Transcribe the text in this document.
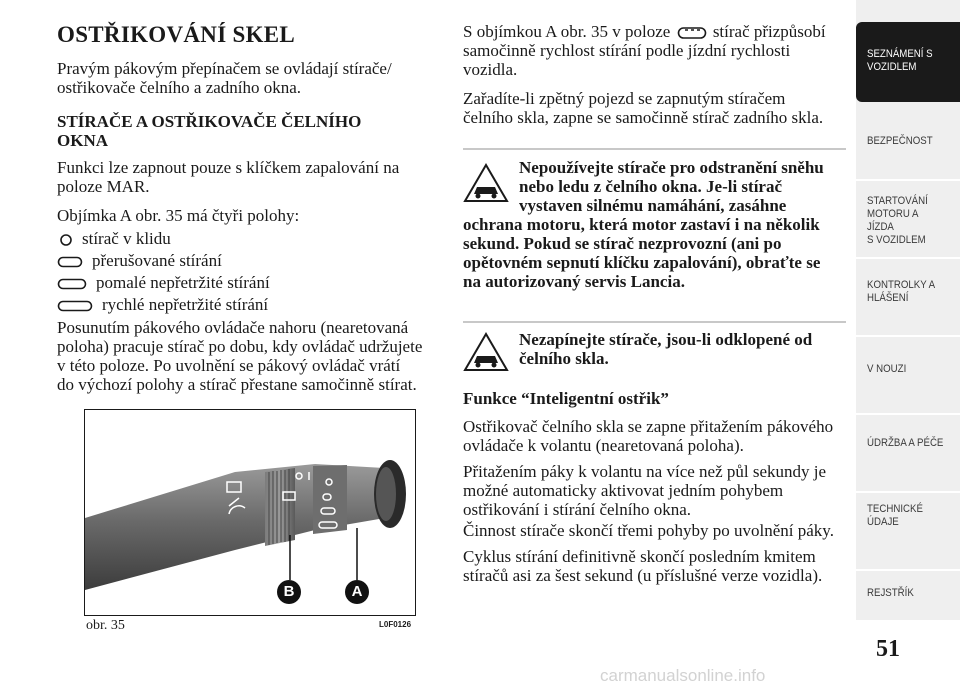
OSTŘIKOVÁNÍ SKEL
Pravým pákovým přepínačem se ovládají stírače/
ostřikovače čelního a zadního okna.
STÍRAČE A OSTŘIKOVAČE ČELNÍHO
OKNA
Funkci lze zapnout pouze s klíčkem zapalování na
poloze MAR.
Objímka A obr. 35 má čtyři polohy:
stírač v klidu
přerušované stírání
pomalé nepřetržité stírání
rychlé nepřetržité stírání
Posunutím pákového ovládače nahoru (nearetovaná
poloha) pracuje stírač po dobu, kdy ovládač udržujete
v této poloze. Po uvolnění se pákový ovládač vrátí
do výchozí polohy a stírač přestane samočinně stírat.
B	A
obr. 35	L0F0126
S objímkou A obr. 35 v poloze	stírač přizpůsobí
samočinně rychlost stírání podle jízdní rychlosti
vozidla.
Zařadíte-li zpětný pojezd se zapnutým stíračem
čelního skla, zapne se samočinně stírač zadního skla.
Nepoužívejte stírače pro odstranění sněhu
nebo ledu z čelního okna. Je-li stírač
vystaven silnému namáhání, zasáhne
ochrana motoru, která motor zastaví i na několik
sekund. Pokud se stírač nezprovozní (ani po
opětovném sepnutí klíčku zapalování), obraťte se
na autorizovaný servis Lancia.
Nezapínejte stírače, jsou-li odklopené od
čelního skla.
Funkce “Inteligentní ostřik”
Ostřikovač čelního skla se zapne přitažením pákového
ovládače k volantu (nearetovaná poloha).
Přitažením páky k volantu na více než půl sekundy je
možné automaticky aktivovat jedním pohybem
ostřikování i stírání čelního okna.
Činnost stírače skončí třemi pohyby po uvolnění páky.
Cyklus stírání definitivně skončí posledním kmitem
stíračů asi za šest sekund (u příslušné verze vozidla).
SEZNÁMENÍ S
VOZIDLEM
BEZPEČNOST
STARTOVÁNÍ
MOTORU A JÍZDA
S VOZIDLEM
KONTROLKY A
HLÁŠENÍ
V NOUZI
ÚDRŽBA A PÉČE
TECHNICKÉ
ÚDAJE
REJSTŘÍK
51
carmanualsonline.info
